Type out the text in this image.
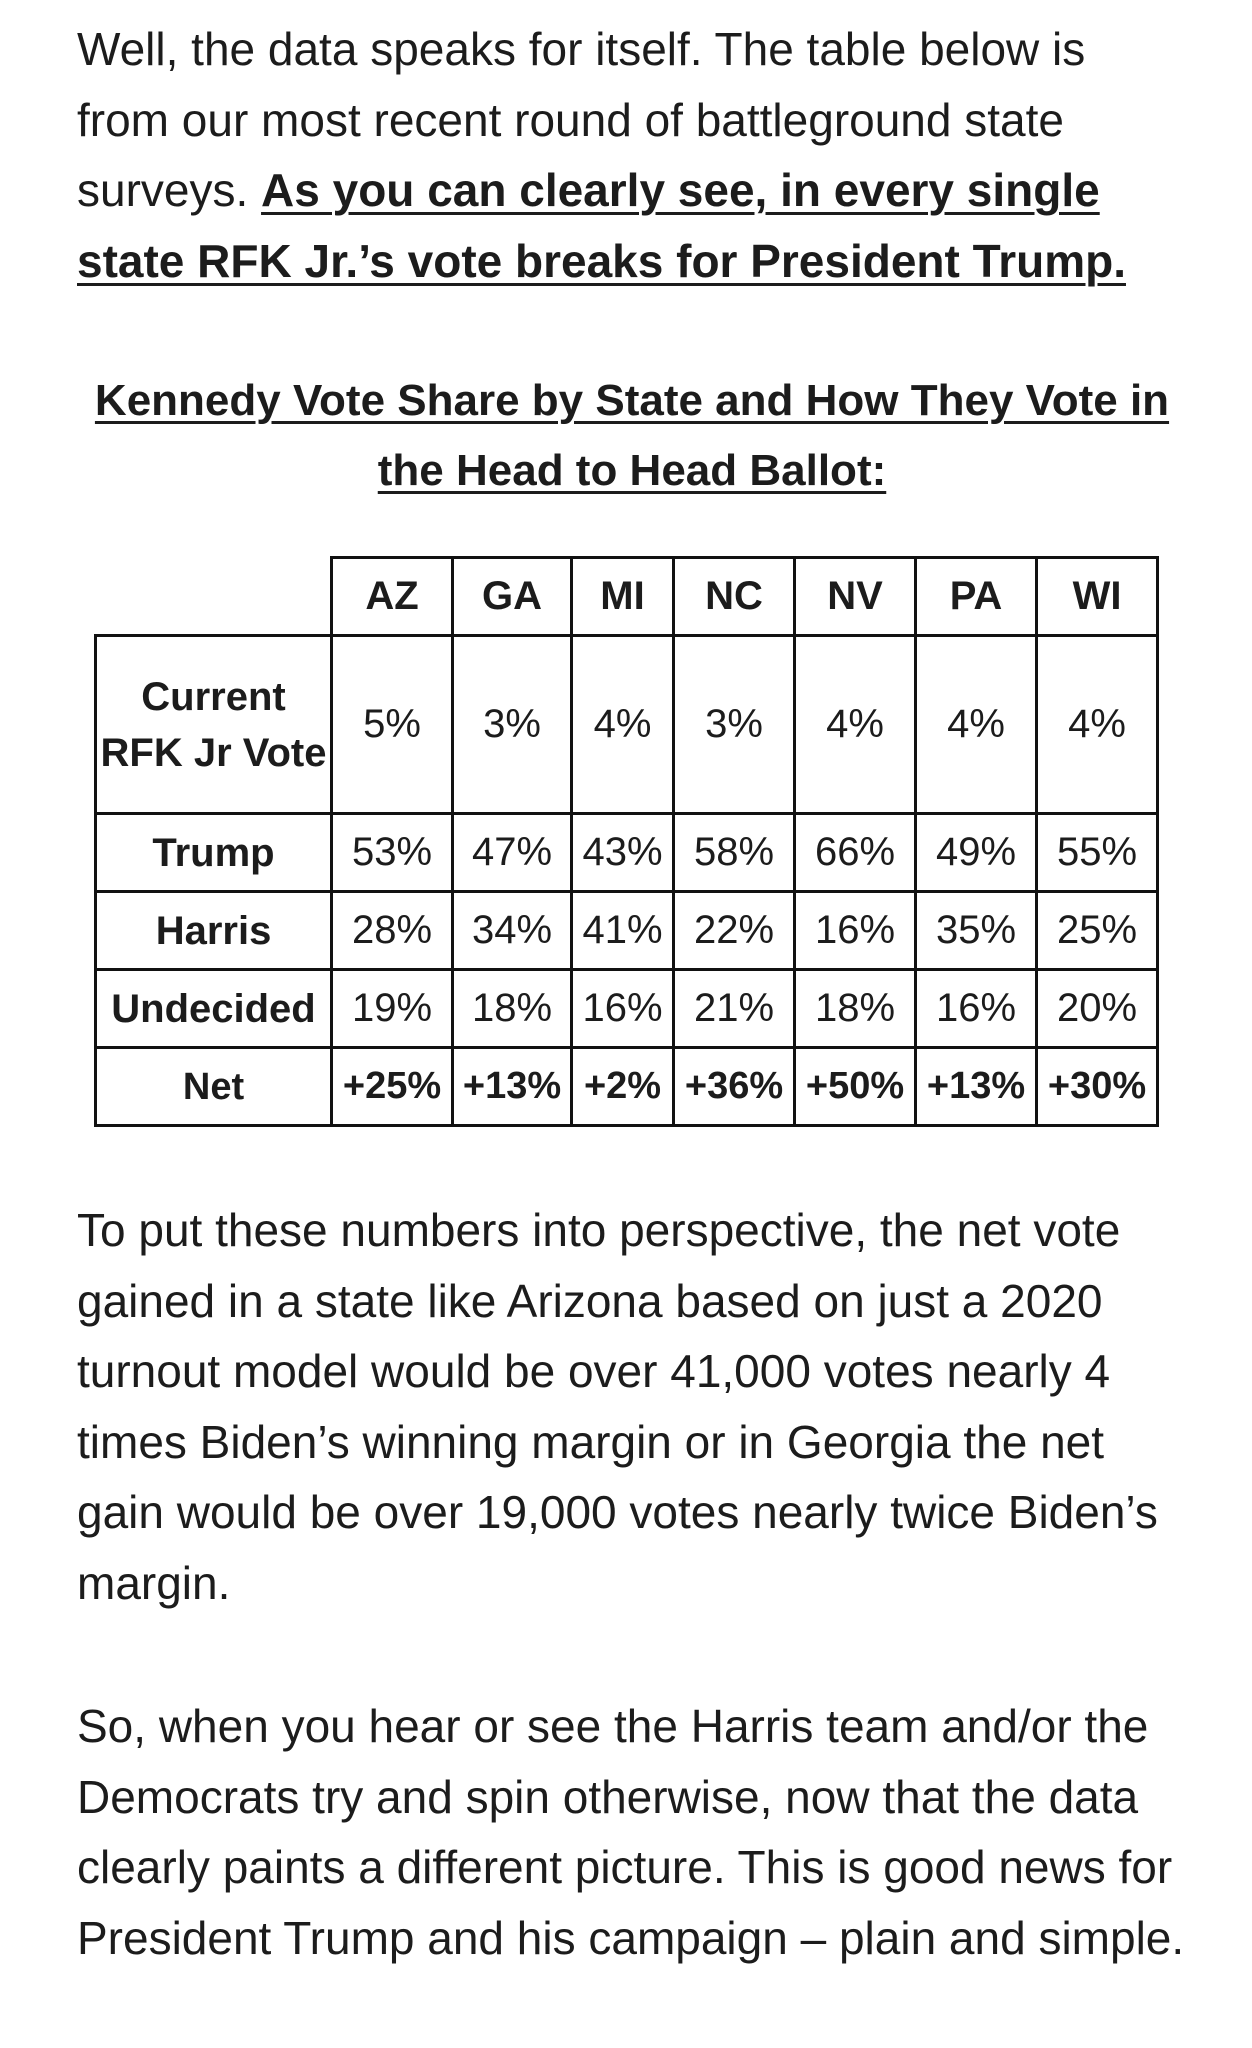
Well, the data speaks for itself. The table below is from our most recent round of battleground state surveys. As you can clearly see, in every single state RFK Jr.’s vote breaks for President Trump.

Kennedy Vote Share by State and How They Vote in the Head to Head Ballot:
	AZ	GA	MI	NC	NV	PA	WI
Current RFK Jr Vote	5%	3%	4%	3%	4%	4%	4%
Trump	53%	47%	43%	58%	66%	49%	55%
Harris	28%	34%	41%	22%	16%	35%	25%
Undecided	19%	18%	16%	21%	18%	16%	20%
Net	+25%	+13%	+2%	+36%	+50%	+13%	+30%

To put these numbers into perspective, the net vote gained in a state like Arizona based on just a 2020 turnout model would be over 41,000 votes nearly 4 times Biden’s winning margin or in Georgia the net gain would be over 19,000 votes nearly twice Biden’s margin.

So, when you hear or see the Harris team and/or the Democrats try and spin otherwise, now that the data clearly paints a different picture. This is good news for President Trump and his campaign – plain and simple.
